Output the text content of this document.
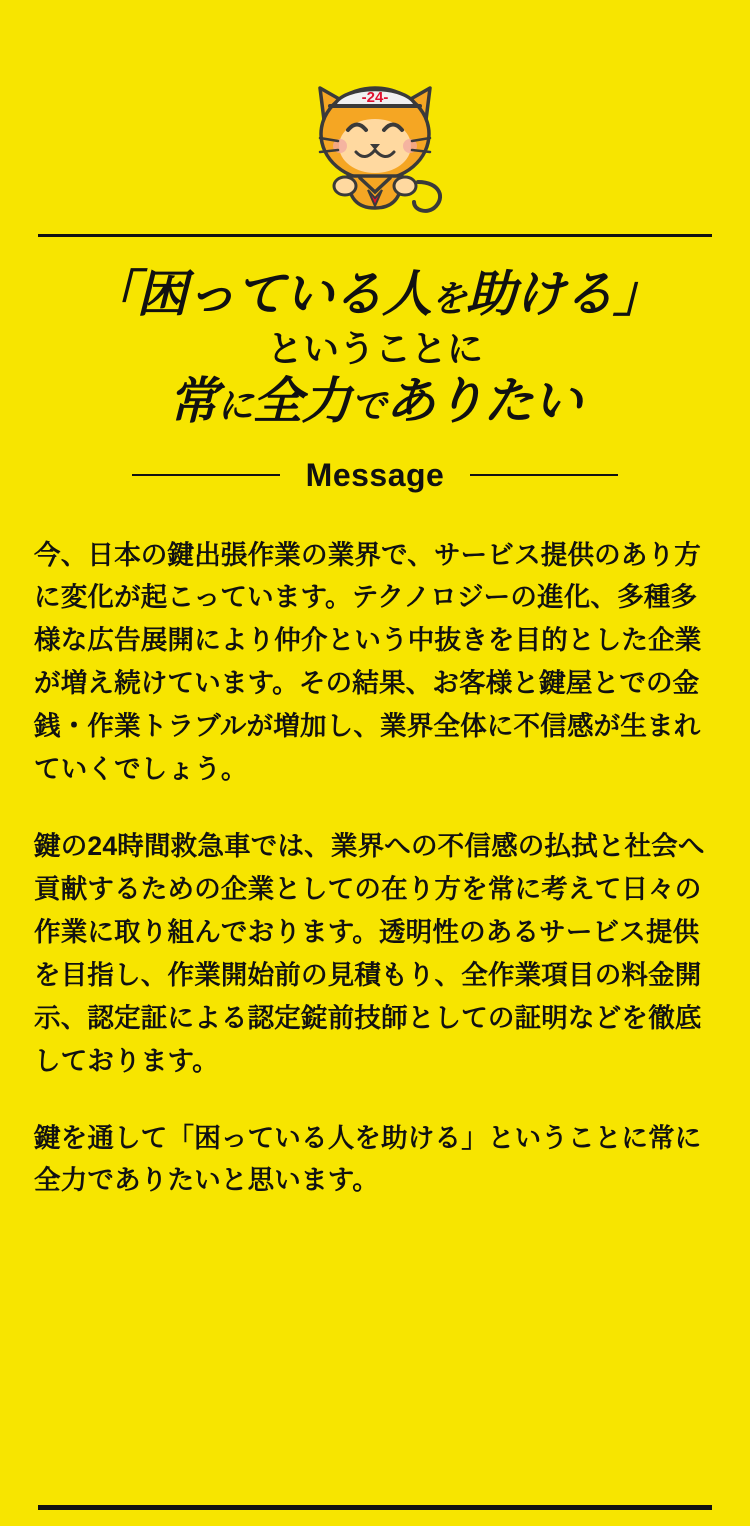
-24-
「困っている人を助ける」
ということに
常に全力でありたい
Message

今、日本の鍵出張作業の業界で、サービス提供のあり方に変化が起こっています。テクノロジーの進化、多種多様な広告展開により仲介という中抜きを目的とした企業が増え続けています。その結果、お客様と鍵屋とでの金銭・作業トラブルが増加し、業界全体に不信感が生まれていくでしょう。

鍵の24時間救急車では、業界への不信感の払拭と社会へ貢献するための企業としての在り方を常に考えて日々の作業に取り組んでおります。透明性のあるサービス提供を目指し、作業開始前の見積もり、全作業項目の料金開示、認定証による認定錠前技師としての証明などを徹底しております。

鍵を通して「困っている人を助ける」ということに常に全力でありたいと思います。
